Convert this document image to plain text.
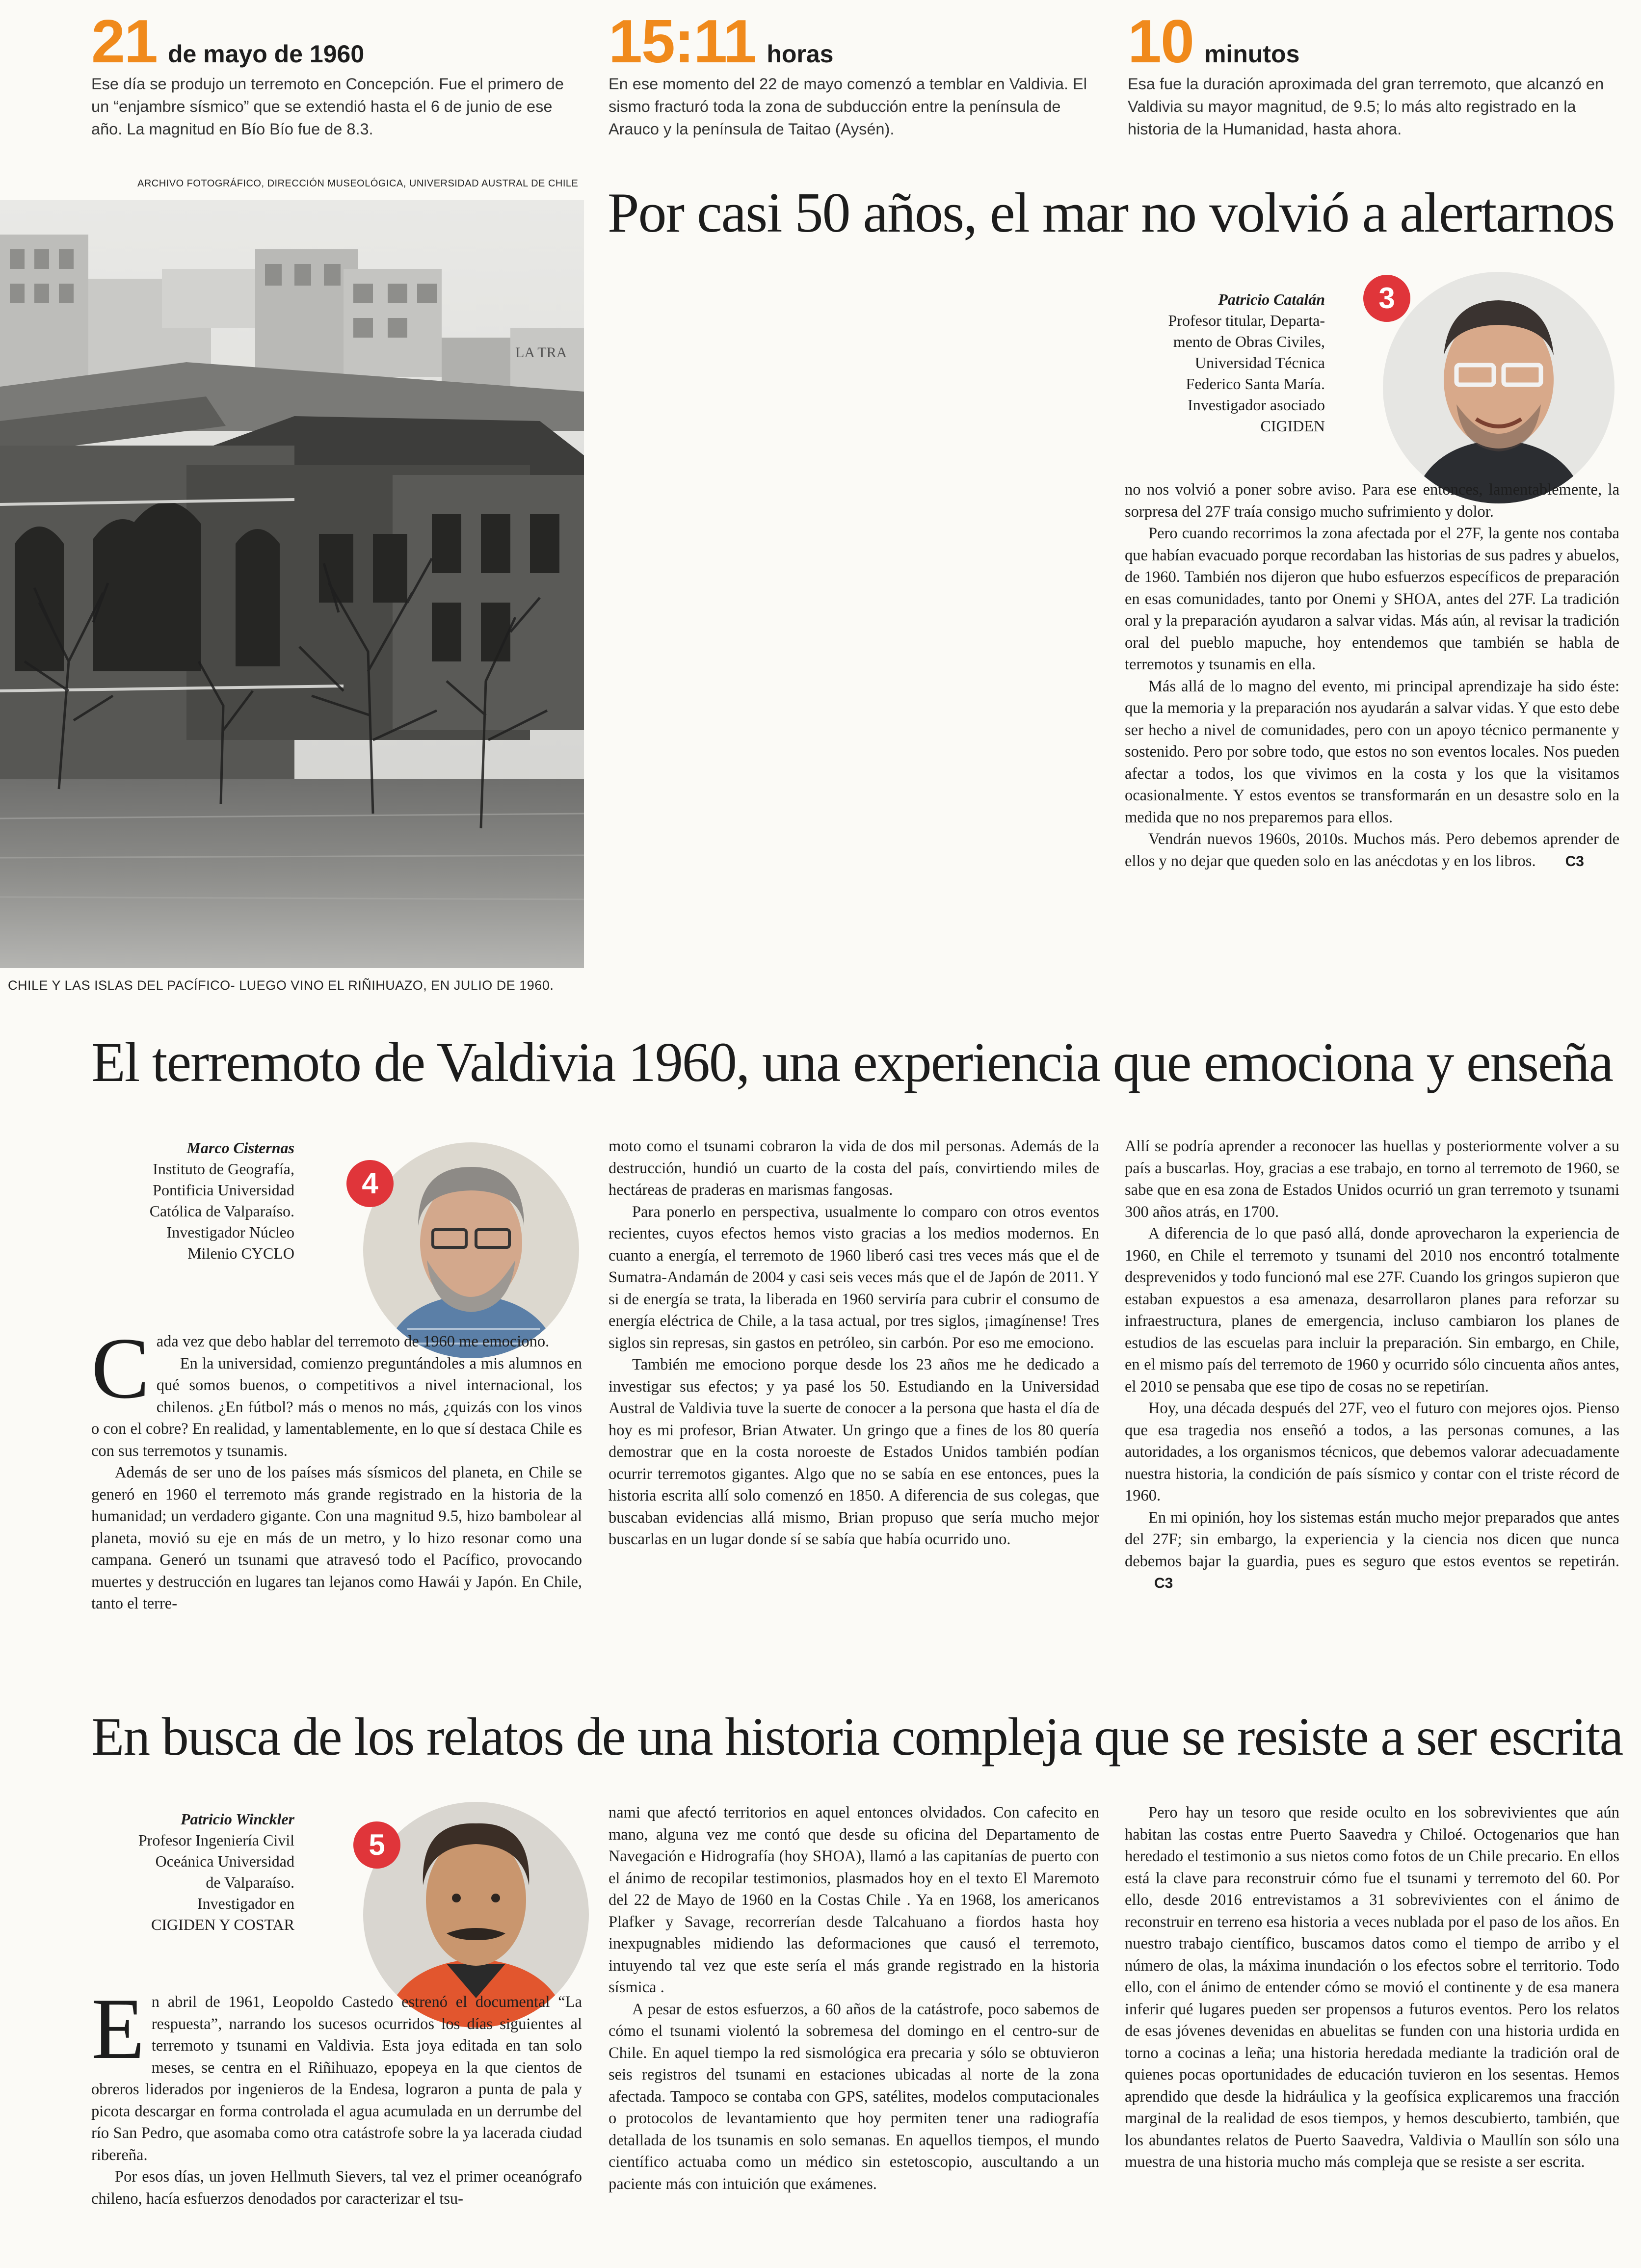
21 de mayo de 1960
Ese día se produjo un terremoto en Concepción. Fue el primero de un “enjambre sísmico” que se extendió hasta el 6 de junio de ese año. La magnitud en Bío Bío fue de 8.3.
15:11 horas
En ese momento del 22 de mayo comenzó a temblar en Valdivia. El sismo fracturó toda la zona de subducción entre la península de Arauco y la península de Taitao (Aysén).
10 minutos
Esa fue la duración aproximada del gran terremoto, que alcanzó en Valdivia su mayor magnitud, de 9.5; lo más alto registrado en la historia de la Humanidad, hasta ahora.
ARCHIVO FOTOGRÁFICO, DIRECCIÓN MUSEOLÓGICA, UNIVERSIDAD AUSTRAL DE CHILE
LA TRA
CHILE Y LAS ISLAS DEL PACÍFICO- LUEGO VINO EL RIÑIHUAZO, EN JULIO DE 1960.
Por casi 50 años, el mar no volvió a alertarnos
Patricio Catalán
Profesor titular, Departa-
mento de Obras Civiles,
Universidad Técnica
Federico Santa María.
Investigador asociado
CIGIDEN
3

no nos volvió a poner sobre aviso. Para ese entonces, lamentablemente, la sorpresa del 27F traía consigo mucho sufrimiento y dolor.

Pero cuando recorrimos la zona afectada por el 27F, la gente nos contaba que habían evacuado porque recordaban las historias de sus padres y abuelos, de 1960. También nos dijeron que hubo esfuerzos específicos de preparación en esas comunidades, tanto por Onemi y SHOA, antes del 27F. La tradición oral y la preparación ayudaron a salvar vidas. Más aún, al revisar la tradición oral del pueblo mapuche, hoy entendemos que también se habla de terremotos y tsunamis en ella.

Más allá de lo magno del evento, mi principal aprendizaje ha sido éste: que la memoria y la preparación nos ayudarán a salvar vidas. Y que esto debe ser hecho a nivel de comunidades, pero con un apoyo técnico permanente y sostenido. Pero por sobre todo, que estos no son eventos locales. Nos pueden afectar a todos, los que vivimos en la costa y los que la visitamos ocasionalmente. Y estos eventos se transformarán en un desastre solo en la medida que no nos preparemos para ellos.

Vendrán nuevos 1960s, 2010s. Muchos más. Pero debemos aprender de ellos y no dejar que queden solo en las anécdotas y en los libros. C3

El terremoto de Valdivia 1960, una experiencia que emociona y enseña
Marco Cisternas
Instituto de Geografía,
Pontificia Universidad
Católica de Valparaíso.
Investigador Núcleo
Milenio CYCLO
4
C ada vez que debo hablar del terremoto de 1960 me emociono.

En la universidad, comienzo preguntándoles a mis alumnos en qué somos buenos, o competitivos a nivel internacional, los chilenos. ¿En fútbol? más o menos no más, ¿quizás con los vinos o con el cobre? En realidad, y lamentablemente, en lo que sí destaca Chile es con sus terremotos y tsunamis.

Además de ser uno de los países más sísmicos del planeta, en Chile se generó en 1960 el terremoto más grande registrado en la historia de la humanidad; un verdadero gigante. Con una magnitud 9.5, hizo bambolear al planeta, movió su eje en más de un metro, y lo hizo resonar como una campana. Generó un tsunami que atravesó todo el Pacífico, provocando muertes y destrucción en lugares tan lejanos como Hawái y Japón. En Chile, tanto el terre-

moto como el tsunami cobraron la vida de dos mil personas. Además de la destrucción, hundió un cuarto de la costa del país, convirtiendo miles de hectáreas de praderas en marismas fangosas.

Para ponerlo en perspectiva, usualmente lo comparo con otros eventos recientes, cuyos efectos hemos visto gracias a los medios modernos. En cuanto a energía, el terremoto de 1960 liberó casi tres veces más que el de Sumatra-Andamán de 2004 y casi seis veces más que el de Japón de 2011. Y si de energía se trata, la liberada en 1960 serviría para cubrir el consumo de energía eléctrica de Chile, a la tasa actual, por tres siglos, ¡imagínense! Tres siglos sin represas, sin gastos en petróleo, sin carbón. Por eso me emociono.

También me emociono porque desde los 23 años me he dedicado a investigar sus efectos; y ya pasé los 50. Estudiando en la Universidad Austral de Valdivia tuve la suerte de conocer a la persona que hasta el día de hoy es mi profesor, Brian Atwater. Un gringo que a fines de los 80 quería demostrar que en la costa noroeste de Estados Unidos también podían ocurrir terremotos gigantes. Algo que no se sabía en ese entonces, pues la historia escrita allí solo comenzó en 1850. A diferencia de sus colegas, que buscaban evidencias allá mismo, Brian propuso que sería mucho mejor buscarlas en un lugar donde sí se sabía que había ocurrido uno.

Allí se podría aprender a reconocer las huellas y posteriormente volver a su país a buscarlas. Hoy, gracias a ese trabajo, en torno al terremoto de 1960, se sabe que en esa zona de Estados Unidos ocurrió un gran terremoto y tsunami 300 años atrás, en 1700.

A diferencia de lo que pasó allá, donde aprovecharon la experiencia de 1960, en Chile el terremoto y tsunami del 2010 nos encontró totalmente desprevenidos y todo funcionó mal ese 27F. Cuando los gringos supieron que estaban expuestos a esa amenaza, desarrollaron planes para reforzar su infraestructura, planes de emergencia, incluso cambiaron los planes de estudios de las escuelas para incluir la preparación. Sin embargo, en Chile, en el mismo país del terremoto de 1960 y ocurrido sólo cincuenta años antes, el 2010 se pensaba que ese tipo de cosas no se repetirían.

Hoy, una década después del 27F, veo el futuro con mejores ojos. Pienso que esa tragedia nos enseñó a todos, a las personas comunes, a las autoridades, a los organismos técnicos, que debemos valorar adecuadamente nuestra historia, la condición de país sísmico y contar con el triste récord de 1960.

En mi opinión, hoy los sistemas están mucho mejor preparados que antes del 27F; sin embargo, la experiencia y la ciencia nos dicen que nunca debemos bajar la guardia, pues es seguro que estos eventos se repetirán.C3

En busca de los relatos de una historia compleja que se resiste a ser escrita
Patricio Winckler
Profesor Ingeniería Civil
Oceánica Universidad
de Valparaíso.
Investigador en
CIGIDEN Y COSTAR
5
E n abril de 1961, Leopoldo Castedo estrenó el documental “La respuesta”, narrando los sucesos ocurridos los días siguientes al terremoto y tsunami en Valdivia. Esta joya editada en tan solo meses, se centra en el Riñihuazo, epopeya en la que cientos de obreros liderados por ingenieros de la Endesa, lograron a punta de pala y picota descargar en forma controlada el agua acumulada en un derrumbe del río San Pedro, que asomaba como otra catástrofe sobre la ya lacerada ciudad ribereña.

Por esos días, un joven Hellmuth Sievers, tal vez el primer oceanógrafo chileno, hacía esfuerzos denodados por caracterizar el tsu-

nami que afectó territorios en aquel entonces olvidados. Con cafecito en mano, alguna vez me contó que desde su oficina del Departamento de Navegación e Hidrografía (hoy SHOA), llamó a las capitanías de puerto con el ánimo de recopilar testimonios, plasmados hoy en el texto El Maremoto del 22 de Mayo de 1960 en la Costas Chile . Ya en 1968, los americanos Plafker y Savage, recorrerían desde Talcahuano a fiordos hasta hoy inexpugnables midiendo las deformaciones que causó el terremoto, intuyendo tal vez que este sería el más grande registrado en la historia sísmica .

A pesar de estos esfuerzos, a 60 años de la catástrofe, poco sabemos de cómo el tsunami violentó la sobremesa del domingo en el centro-sur de Chile. En aquel tiempo la red sismológica era precaria y sólo se obtuvieron seis registros del tsunami en estaciones ubicadas al norte de la zona afectada. Tampoco se contaba con GPS, satélites, modelos computacionales o protocolos de levantamiento que hoy permiten tener una radiografía detallada de los tsunamis en solo semanas. En aquellos tiempos, el mundo científico actuaba como un médico sin estetoscopio, auscultando a un paciente más con intuición que exámenes.

Pero hay un tesoro que reside oculto en los sobrevivientes que aún habitan las costas entre Puerto Saavedra y Chiloé. Octogenarios que han heredado el testimonio a sus nietos como fotos de un Chile precario. En ellos está la clave para reconstruir cómo fue el tsunami y terremoto del 60. Por ello, desde 2016 entrevistamos a 31 sobrevivientes con el ánimo de reconstruir en terreno esa historia a veces nublada por el paso de los años. En nuestro trabajo científico, buscamos datos como el tiempo de arribo y el número de olas, la máxima inundación o los efectos sobre el territorio. Todo ello, con el ánimo de entender cómo se movió el continente y de esa manera inferir qué lugares pueden ser propensos a futuros eventos. Pero los relatos de esas jóvenes devenidas en abuelitas se funden con una historia urdida en torno a cocinas a leña; una historia heredada mediante la tradición oral de quienes pocas oportunidades de educación tuvieron en los sesentas. Hemos aprendido que desde la hidráulica y la geofísica explicaremos una fracción marginal de la realidad de esos tiempos, y hemos descubierto, también, que los abundantes relatos de Puerto Saavedra, Valdivia o Maullín son sólo una muestra de una historia mucho más compleja que se resiste a ser escrita.
